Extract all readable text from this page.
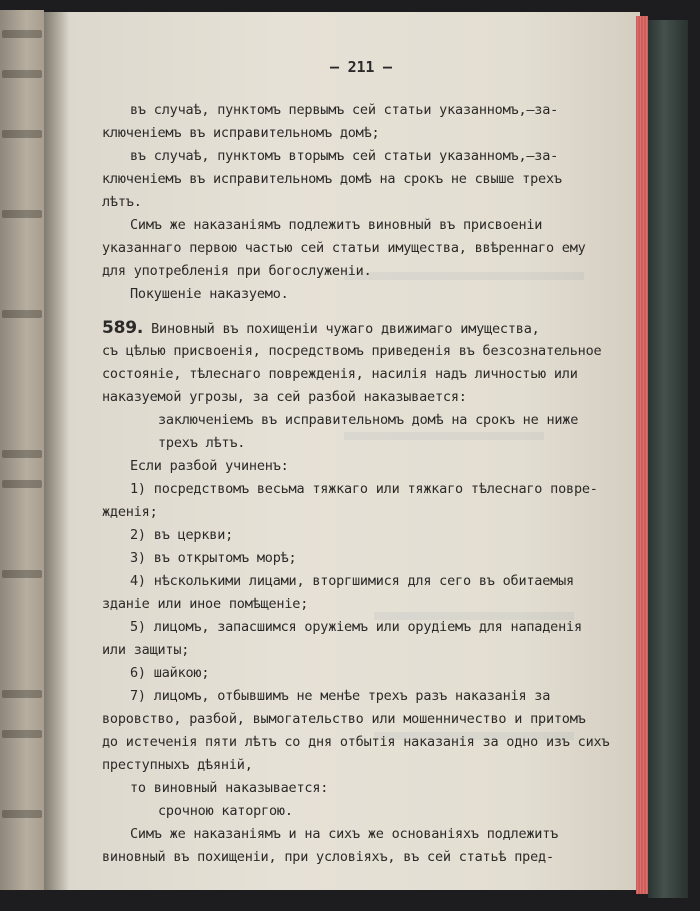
— 211 —
въ случаѣ, пунктомъ первымъ сей статьи указанномъ,—за-
ключеніемъ въ исправительномъ домѣ;
въ случаѣ, пунктомъ вторымъ сей статьи указанномъ,—за-
ключеніемъ въ исправительномъ домѣ на срокъ не свыше трехъ
лѣтъ.
Симъ же наказаніямъ подлежитъ виновный въ присвоеніи
указаннаго первою частью сей статьи имущества, ввѣреннаго ему
для употребленія при богослуженіи.
Покушеніе наказуемо.
589. Виновный въ похищеніи чужаго движимаго имущества,
съ цѣлью присвоенія, посредствомъ приведенія въ безсознательное
состояніе, тѣлеснаго поврежденія, насилія надъ личностью или
наказуемой угрозы, за сей разбой наказывается:
заключеніемъ въ исправительномъ домѣ на срокъ не ниже
трехъ лѣтъ.
Если разбой учиненъ:
1) посредствомъ весьма тяжкаго или тяжкаго тѣлеснаго повре-
жденія;
2) въ церкви;
3) въ открытомъ морѣ;
4) нѣсколькими лицами, вторгшимися для сего въ обитаемыя
зданіе или иное помѣщеніе;
5) лицомъ, запасшимся оружіемъ или орудіемъ для нападенія
или защиты;
6) шайкою;
7) лицомъ, отбывшимъ не менѣе трехъ разъ наказанія за
воровство, разбой, вымогательство или мошенничество и притомъ
до истеченія пяти лѣтъ со дня отбытія наказанія за одно изъ сихъ
преступныхъ дѣяній,
то виновный наказывается:
срочною каторгою.
Симъ же наказаніямъ и на сихъ же основаніяхъ подлежитъ
виновный въ похищеніи, при условіяхъ, въ сей статьѣ пред-
